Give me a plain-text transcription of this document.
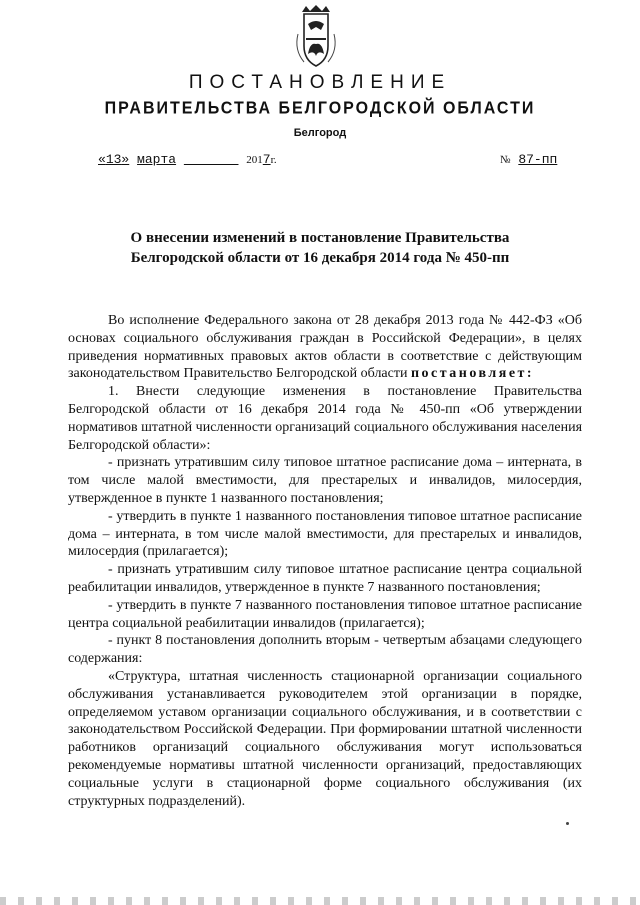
ПОСТАНОВЛЕНИЕ
ПРАВИТЕЛЬСТВА БЕЛГОРОДСКОЙ ОБЛАСТИ
Белгород
«13» марта	2017г.	№ 87-пп
О внесении изменений в постановление Правительства
Белгородской области от 16 декабря 2014 года № 450-пп

Во исполнение Федерального закона от 28 декабря 2013 года № 442-ФЗ «Об основах социального обслуживания граждан в Российской Федерации», в целях приведения нормативных правовых актов области в соответствие с действующим законодательством Правительство Белгородской области постановляет:

1. Внести следующие изменения в постановление Правительства Белгородской области от 16 декабря 2014 года № 450-пп «Об утверждении нормативов штатной численности организаций социального обслуживания населения Белгородской области»:

- признать утратившим силу типовое штатное расписание дома – интерната, в том числе малой вместимости, для престарелых и инвалидов, милосердия, утвержденное в пункте 1 названного постановления;

- утвердить в пункте 1 названного постановления типовое штатное расписание дома – интерната, в том числе малой вместимости, для престарелых и инвалидов, милосердия (прилагается);

- признать утратившим силу типовое штатное расписание центра социальной реабилитации инвалидов, утвержденное в пункте 7 названного постановления;

- утвердить в пункте 7 названного постановления типовое штатное расписание центра социальной реабилитации инвалидов (прилагается);

- пункт 8 постановления дополнить вторым - четвертым абзацами следующего содержания:

«Структура, штатная численность стационарной организации социального обслуживания устанавливается руководителем этой организации в порядке, определяемом уставом организации социального обслуживания, и в соответствии с законодательством Российской Федерации. При формировании штатной численности работников организаций социального обслуживания могут использоваться рекомендуемые нормативы штатной численности организаций, предоставляющих социальные услуги в стационарной форме социального обслуживания (их структурных подразделений).
